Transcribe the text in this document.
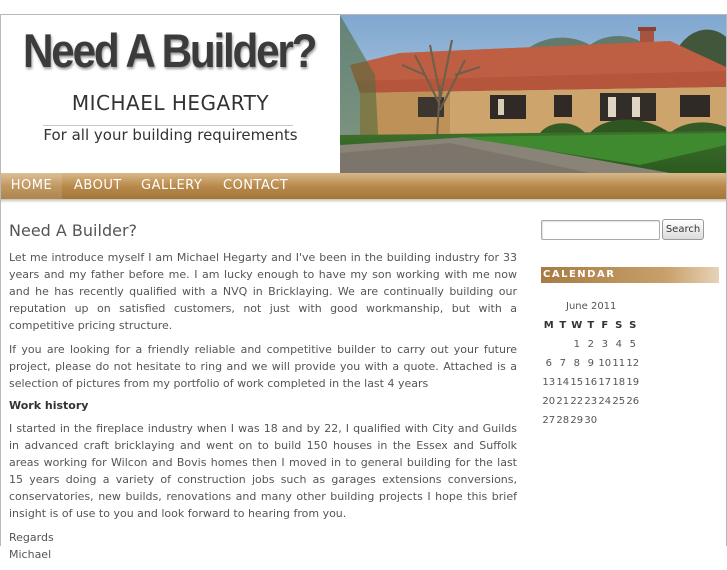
Need A Builder?
MICHAEL HEGARTY
For all your building requirements
HOME	ABOUT GALLERY CONTACT
Need A Builder?

Let me introduce myself I am Michael Hegarty and I've been in the building industry for 33 years and my father before me. I am lucky enough to have my son working with me now and he has recently qualified with a NVQ in Bricklaying. We are continually building our reputation up on satisfied customers, not just with good workmanship, but with a competitive pricing structure.

If you are looking for a friendly reliable and competitive builder to carry out your future project, please do not hesitate to ring and we will provide you with a quote. Attached is a selection of pictures from my portfolio of work completed in the last 4 years

Work history

I started in the fireplace industry when I was 18 and by 22, I qualified with City and Guilds in advanced craft bricklaying and went on to build 150 houses in the Essex and Suffolk areas working for Wilcon and Bovis homes then I moved in to general building for the last 15 years doing a variety of construction jobs such as garages extensions conversions, conservatories, new builds, renovations and many other building projects I hope this brief insight is of use to you and look forward to hearing from you.

Regards

Michael

Search
CALENDAR
June 2011
M T W T F S S
1 2 3 4 5
6 7 8 9 10 11 12
13 14 15 16 17 18 19
20 21 22 23 24 25 26
27 28 29 30
